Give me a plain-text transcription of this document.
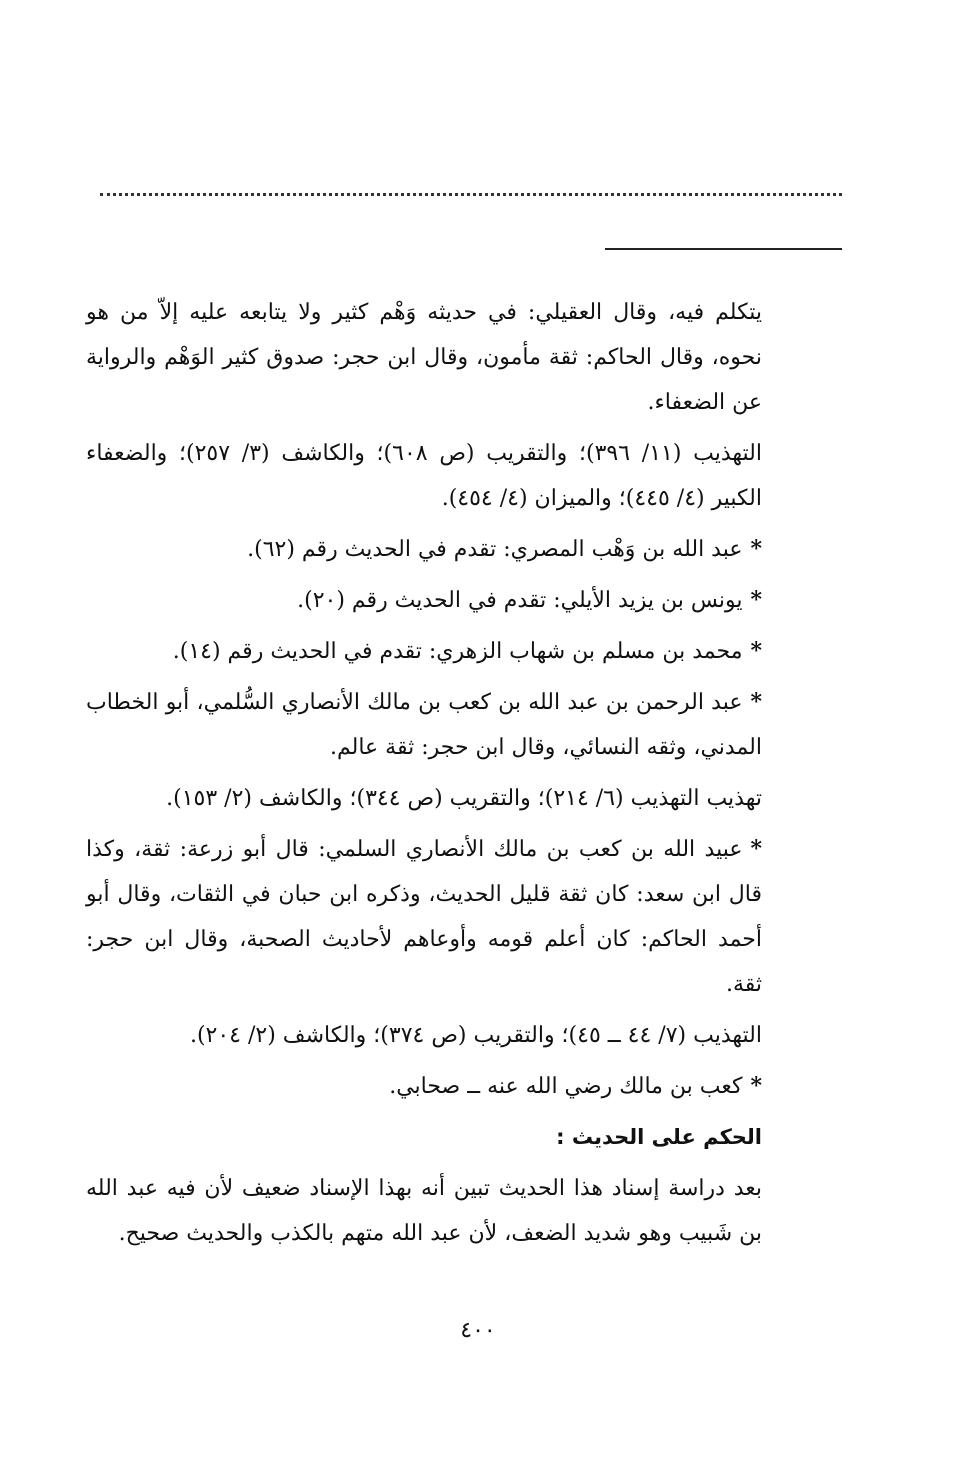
يتكلم فيه، وقال العقيلي: في حديثه وَهْم كثير ولا يتابعه عليه إلاّ من هو نحوه، وقال الحاكم: ثقة مأمون، وقال ابن حجر: صدوق كثير الوَهْم والرواية عن الضعفاء.

التهذيب (١١/ ٣٩٦)؛ والتقريب (ص ٦٠٨)؛ والكاشف (٣/ ٢٥٧)؛ والضعفاء الكبير (٤/ ٤٤٥)؛ والميزان (٤/ ٤٥٤).

*عبد الله بن وَهْب المصري: تقدم في الحديث رقم (٦٢).

*يونس بن يزيد الأيلي: تقدم في الحديث رقم (٢٠).

*محمد بن مسلم بن شهاب الزهري: تقدم في الحديث رقم (١٤).

*عبد الرحمن بن عبد الله بن كعب بن مالك الأنصاري السُّلمي، أبو الخطاب المدني، وثقه النسائي، وقال ابن حجر: ثقة عالم.

تهذيب التهذيب (٦/ ٢١٤)؛ والتقريب (ص ٣٤٤)؛ والكاشف (٢/ ١٥٣).

*عبيد الله بن كعب بن مالك الأنصاري السلمي: قال أبو زرعة: ثقة، وكذا قال ابن سعد: كان ثقة قليل الحديث، وذكره ابن حبان في الثقات، وقال أبو أحمد الحاكم: كان أعلم قومه وأوعاهم لأحاديث الصحبة، وقال ابن حجر: ثقة.

التهذيب (٧/ ٤٤ ــ ٤٥)؛ والتقريب (ص ٣٧٤)؛ والكاشف (٢/ ٢٠٤).

*كعب بن مالك رضي الله عنه ــ صحابي.

الحكم على الحديث :

بعد دراسة إسناد هذا الحديث تبين أنه بهذا الإسناد ضعيف لأن فيه عبد الله بن شَبيب وهو شديد الضعف، لأن عبد الله متهم بالكذب والحديث صحيح.

٤٠٠
